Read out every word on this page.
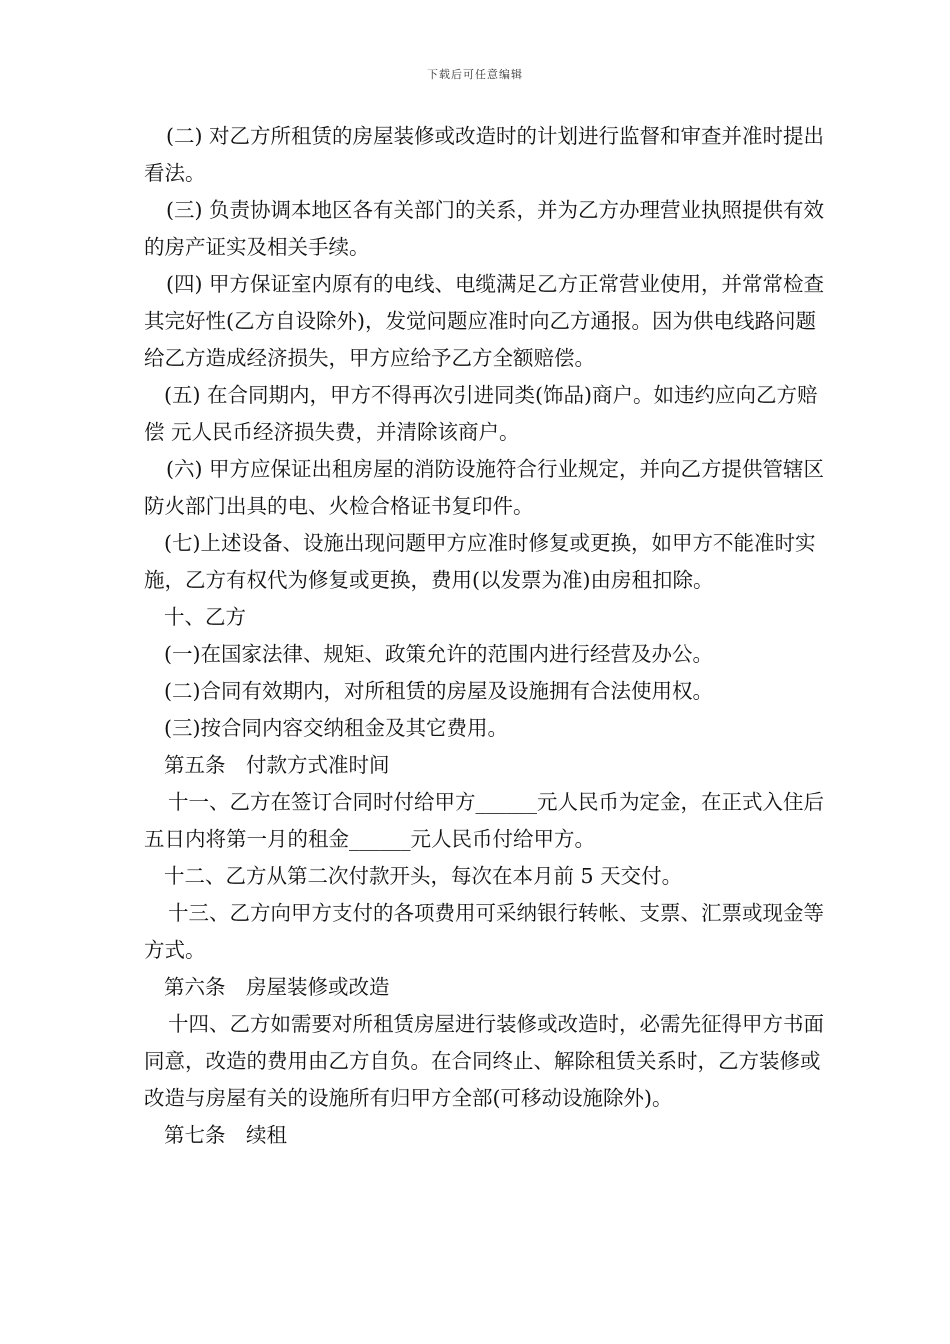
下载后可任意编辑

(二) 对乙方所租赁的房屋装修或改造时的计划进行监督和审查并准时提出看法。

(三) 负责协调本地区各有关部门的关系，并为乙方办理营业执照提供有效的房产证实及相关手续。

(四) 甲方保证室内原有的电线、电缆满足乙方正常营业使用，并常常检查其完好性(乙方自设除外)，发觉问题应准时向乙方通报。因为供电线路问题给乙方造成经济损失，甲方应给予乙方全额赔偿。

(五) 在合同期内，甲方不得再次引进同类(饰品)商户。如违约应向乙方赔偿 元人民币经济损失费，并清除该商户。

(六) 甲方应保证出租房屋的消防设施符合行业规定，并向乙方提供管辖区防火部门出具的电、火检合格证书复印件。

(七)上述设备、设施出现问题甲方应准时修复或更换，如甲方不能准时实施，乙方有权代为修复或更换，费用(以发票为准)由房租扣除。

十、乙方

(一)在国家法律、规矩、政策允许的范围内进行经营及办公。

(二)合同有效期内，对所租赁的房屋及设施拥有合法使用权。

(三)按合同内容交纳租金及其它费用。

第五条　付款方式准时间

十一、乙方在签订合同时付给甲方______元人民币为定金，在正式入住后五日内将第一月的租金______元人民币付给甲方。

十二、乙方从第二次付款开头，每次在本月前 5 天交付。

十三、乙方向甲方支付的各项费用可采纳银行转帐、支票、汇票或现金等方式。

第六条　房屋装修或改造

十四、乙方如需要对所租赁房屋进行装修或改造时，必需先征得甲方书面同意，改造的费用由乙方自负。在合同终止、解除租赁关系时，乙方装修或改造与房屋有关的设施所有归甲方全部(可移动设施除外)。

第七条　续租
